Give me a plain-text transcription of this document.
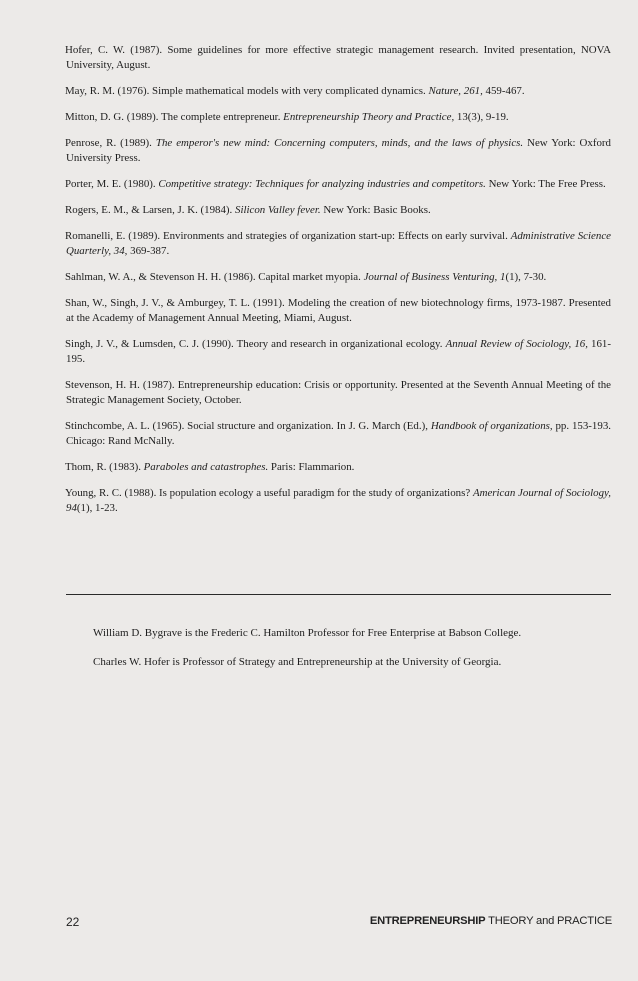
Hofer, C. W. (1987). Some guidelines for more effective strategic management research. Invited presentation, NOVA University, August.

May, R. M. (1976). Simple mathematical models with very complicated dynamics. Nature, 261, 459-467.

Mitton, D. G. (1989). The complete entrepreneur. Entrepreneurship Theory and Practice, 13(3), 9-19.

Penrose, R. (1989). The emperor's new mind: Concerning computers, minds, and the laws of physics. New York: Oxford University Press.

Porter, M. E. (1980). Competitive strategy: Techniques for analyzing industries and competitors. New York: The Free Press.

Rogers, E. M., & Larsen, J. K. (1984). Silicon Valley fever. New York: Basic Books.

Romanelli, E. (1989). Environments and strategies of organization start-up: Effects on early survival. Administrative Science Quarterly, 34, 369-387.

Sahlman, W. A., & Stevenson H. H. (1986). Capital market myopia. Journal of Business Venturing, 1(1), 7-30.

Shan, W., Singh, J. V., & Amburgey, T. L. (1991). Modeling the creation of new biotechnology firms, 1973-1987. Presented at the Academy of Management Annual Meeting, Miami, August.

Singh, J. V., & Lumsden, C. J. (1990). Theory and research in organizational ecology. Annual Review of Sociology, 16, 161-195.

Stevenson, H. H. (1987). Entrepreneurship education: Crisis or opportunity. Presented at the Seventh Annual Meeting of the Strategic Management Society, October.

Stinchcombe, A. L. (1965). Social structure and organization. In J. G. March (Ed.), Handbook of organizations, pp. 153-193. Chicago: Rand McNally.

Thom, R. (1983). Paraboles and catastrophes. Paris: Flammarion.

Young, R. C. (1988). Is population ecology a useful paradigm for the study of organizations? American Journal of Sociology, 94(1), 1-23.

William D. Bygrave is the Frederic C. Hamilton Professor for Free Enterprise at Babson College.

Charles W. Hofer is Professor of Strategy and Entrepreneurship at the University of Georgia.

22	ENTREPRENEURSHIP THEORY and PRACTICE
